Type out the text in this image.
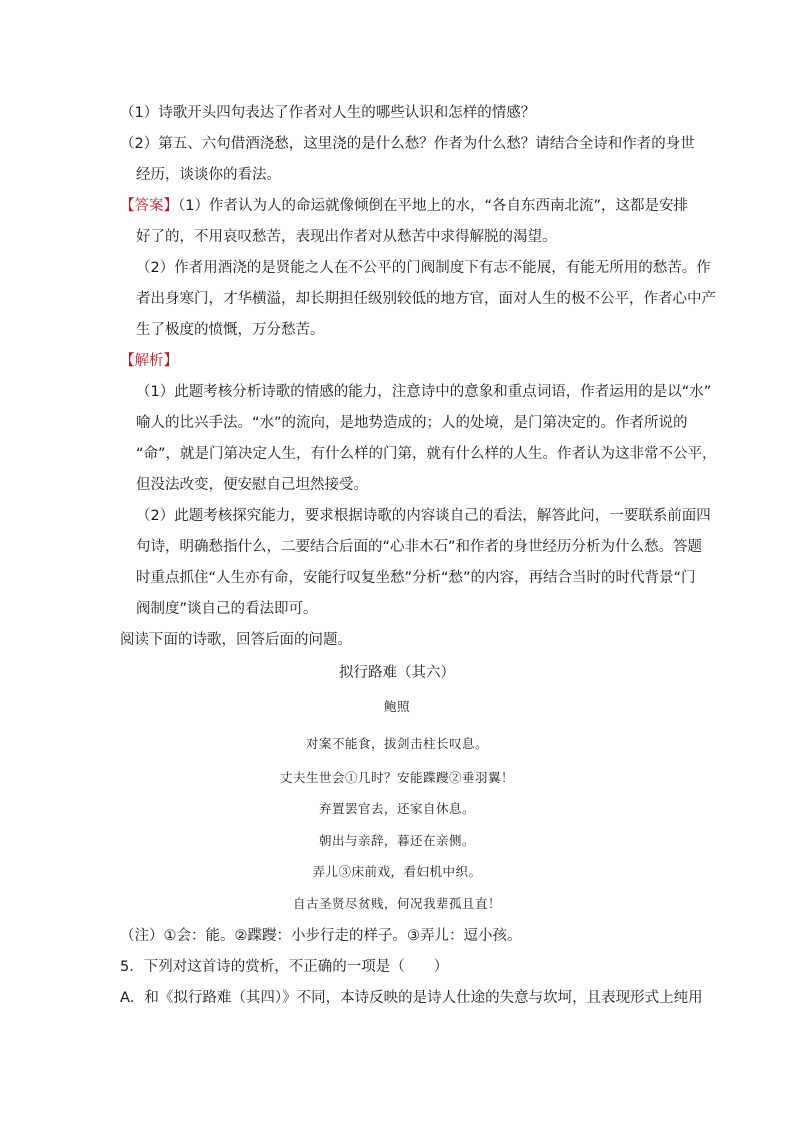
（1）诗歌开头四句表达了作者对人生的哪些认识和怎样的情感？
（2）第五、六句借酒浇愁，这里浇的是什么愁？作者为什么愁？请结合全诗和作者的身世
经历，谈谈你的看法。
【答案】（1）作者认为人的命运就像倾倒在平地上的水，“各自东西南北流”，这都是安排
好了的，不用哀叹愁苦，表现出作者对从愁苦中求得解脱的渴望。
（2）作者用酒浇的是贤能之人在不公平的门阀制度下有志不能展，有能无所用的愁苦。作
者出身寒门，才华横溢，却长期担任级别较低的地方官，面对人生的极不公平，作者心中产
生了极度的愤慨，万分愁苦。
【解析】
（1）此题考核分析诗歌的情感的能力，注意诗中的意象和重点词语，作者运用的是以“水”
喻人的比兴手法。“水”的流向，是地势造成的；人的处境，是门第决定的。作者所说的
“命”，就是门第决定人生，有什么样的门第，就有什么样的人生。作者认为这非常不公平，
但没法改变，便安慰自己坦然接受。
（2）此题考核探究能力，要求根据诗歌的内容谈自己的看法，解答此问，一要联系前面四
句诗，明确愁指什么，二要结合后面的“心非木石”和作者的身世经历分析为什么愁。答题
时重点抓住“人生亦有命，安能行叹复坐愁”分析“愁”的内容，再结合当时的时代背景“门
阀制度”谈自己的看法即可。
阅读下面的诗歌，回答后面的问题。
拟行路难（其六）
鲍照
对案不能食，拔剑击柱长叹息。
丈夫生世会①几时？安能蹀躞②垂羽翼！
弃置罢官去，还家自休息。
朝出与亲辞，暮还在亲侧。
弄儿③床前戏，看妇机中织。
自古圣贤尽贫贱，何况我辈孤且直！
（注）①会：能。②蹀躞：小步行走的样子。③弄儿：逗小孩。
5．下列对这首诗的赏析，不正确的一项是（　　）
A．和《拟行路难（其四）》不同，本诗反映的是诗人仕途的失意与坎坷，且表现形式上纯用
